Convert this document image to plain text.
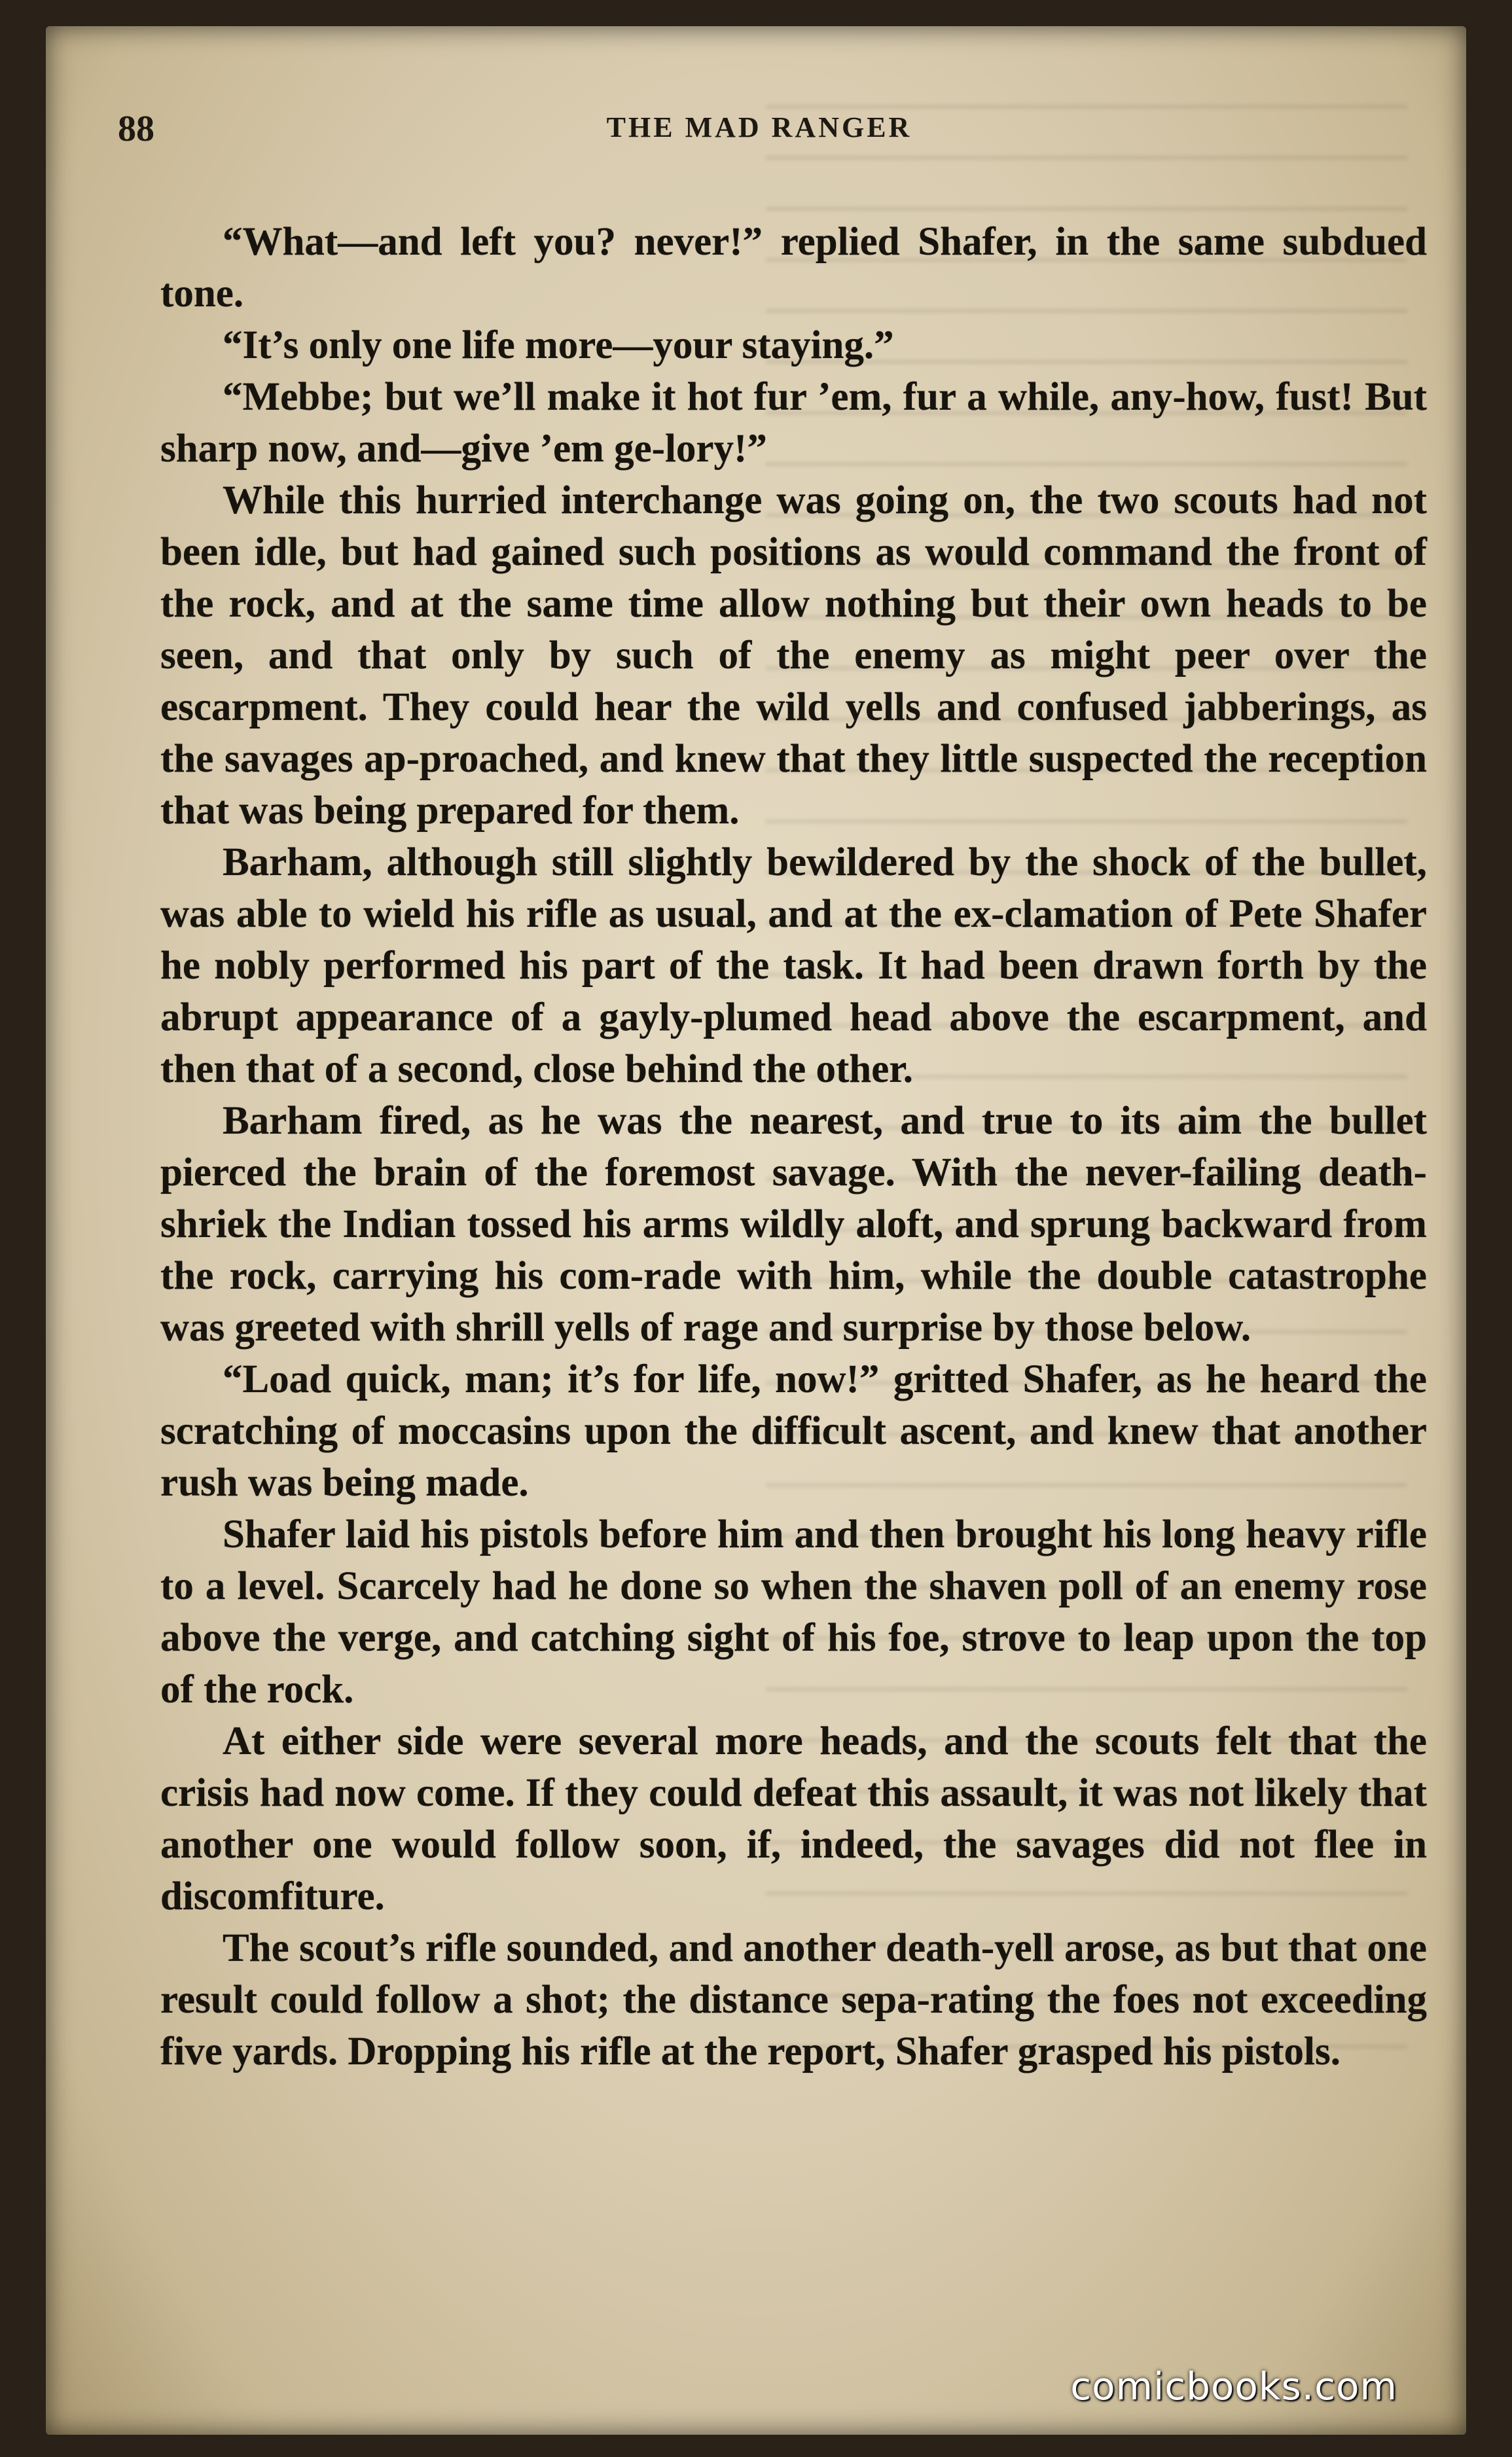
88	THE MAD RANGER

“What—and left you? never!” replied Shafer, in the same subdued tone.

“It’s only one life more—your staying.”

“Mebbe; but we’ll make it hot fur ’em, fur a while, any-how, fust! But sharp now, and—give ’em ge-lory!”

While this hurried interchange was going on, the two scouts had not been idle, but had gained such positions as would command the front of the rock, and at the same time allow nothing but their own heads to be seen, and that only by such of the enemy as might peer over the escarpment. They could hear the wild yells and confused jabberings, as the savages ap-proached, and knew that they little suspected the reception that was being prepared for them.

Barham, although still slightly bewildered by the shock of the bullet, was able to wield his rifle as usual, and at the ex-clamation of Pete Shafer he nobly performed his part of the task. It had been drawn forth by the abrupt appearance of a gayly-plumed head above the escarpment, and then that of a second, close behind the other.

Barham fired, as he was the nearest, and true to its aim the bullet pierced the brain of the foremost savage. With the never-failing death-shriek the Indian tossed his arms wildly aloft, and sprung backward from the rock, carrying his com-rade with him, while the double catastrophe was greeted with shrill yells of rage and surprise by those below.

“Load quick, man; it’s for life, now!” gritted Shafer, as he heard the scratching of moccasins upon the difficult ascent, and knew that another rush was being made.

Shafer laid his pistols before him and then brought his long heavy rifle to a level. Scarcely had he done so when the shaven poll of an enemy rose above the verge, and catching sight of his foe, strove to leap upon the top of the rock.

At either side were several more heads, and the scouts felt that the crisis had now come. If they could defeat this assault, it was not likely that another one would follow soon, if, indeed, the savages did not flee in discomfiture.

The scout’s rifle sounded, and another death-yell arose, as but that one result could follow a shot; the distance sepa-rating the foes not exceeding five yards. Dropping his rifle at the report, Shafer grasped his pistols.

comicbooks.com
